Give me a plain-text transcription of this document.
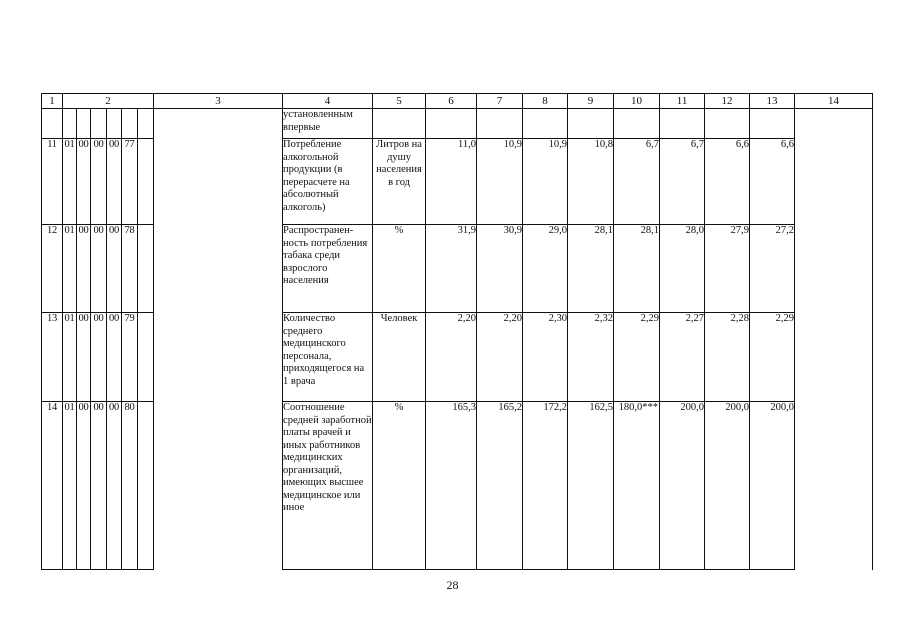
1	2						3	4	5	6	7	8	9	10	11	12	13	14
								установленным впервые										
11	01	00	00	00	77			Потребление алкогольной продукции (в перерасчете на абсолютный алкоголь)	Литров на душу населения в год	11,0	10,9	10,9	10,8	6,7	6,7	6,6	6,6	
12	01	00	00	00	78			Распространен-ность потребления табака среди взрослого населения	%	31,9	30,9	29,0	28,1	28,1	28,0	27,9	27,2	
13	01	00	00	00	79			Количество среднего медицинского персонала, приходящегося на 1 врача	Человек	2,20	2,20	2,30	2,32	2,29	2,27	2,28	2,29	
14	01	00	00	00	80			Соотношение средней заработной платы врачей и иных работников медицинских организаций, имеющих высшее медицинское или иное	%	165,3	165,2	172,2	162,5	180,0***	200,0	200,0	200,0	
28
